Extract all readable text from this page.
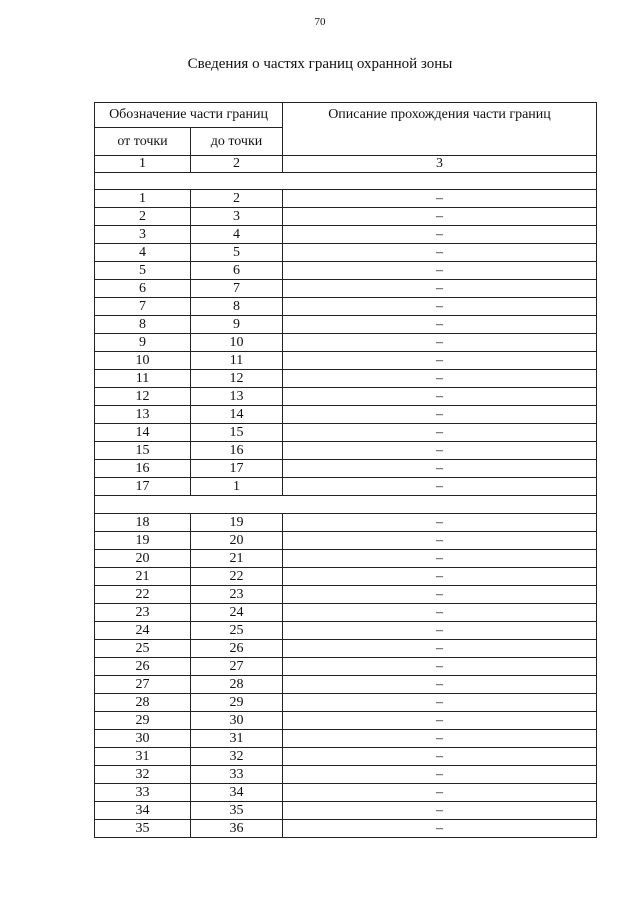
70
Сведения о частях границ охранной зоны
Обозначение части границ		Описание прохождения части границ
от точки	до точки	
1	2	3

1	2	–
2	3	–
3	4	–
4	5	–
5	6	–
6	7	–
7	8	–
8	9	–
9	10	–
10	11	–
11	12	–
12	13	–
13	14	–
14	15	–
15	16	–
16	17	–
17	1	–

18	19	–
19	20	–
20	21	–
21	22	–
22	23	–
23	24	–
24	25	–
25	26	–
26	27	–
27	28	–
28	29	–
29	30	–
30	31	–
31	32	–
32	33	–
33	34	–
34	35	–
35	36	–
